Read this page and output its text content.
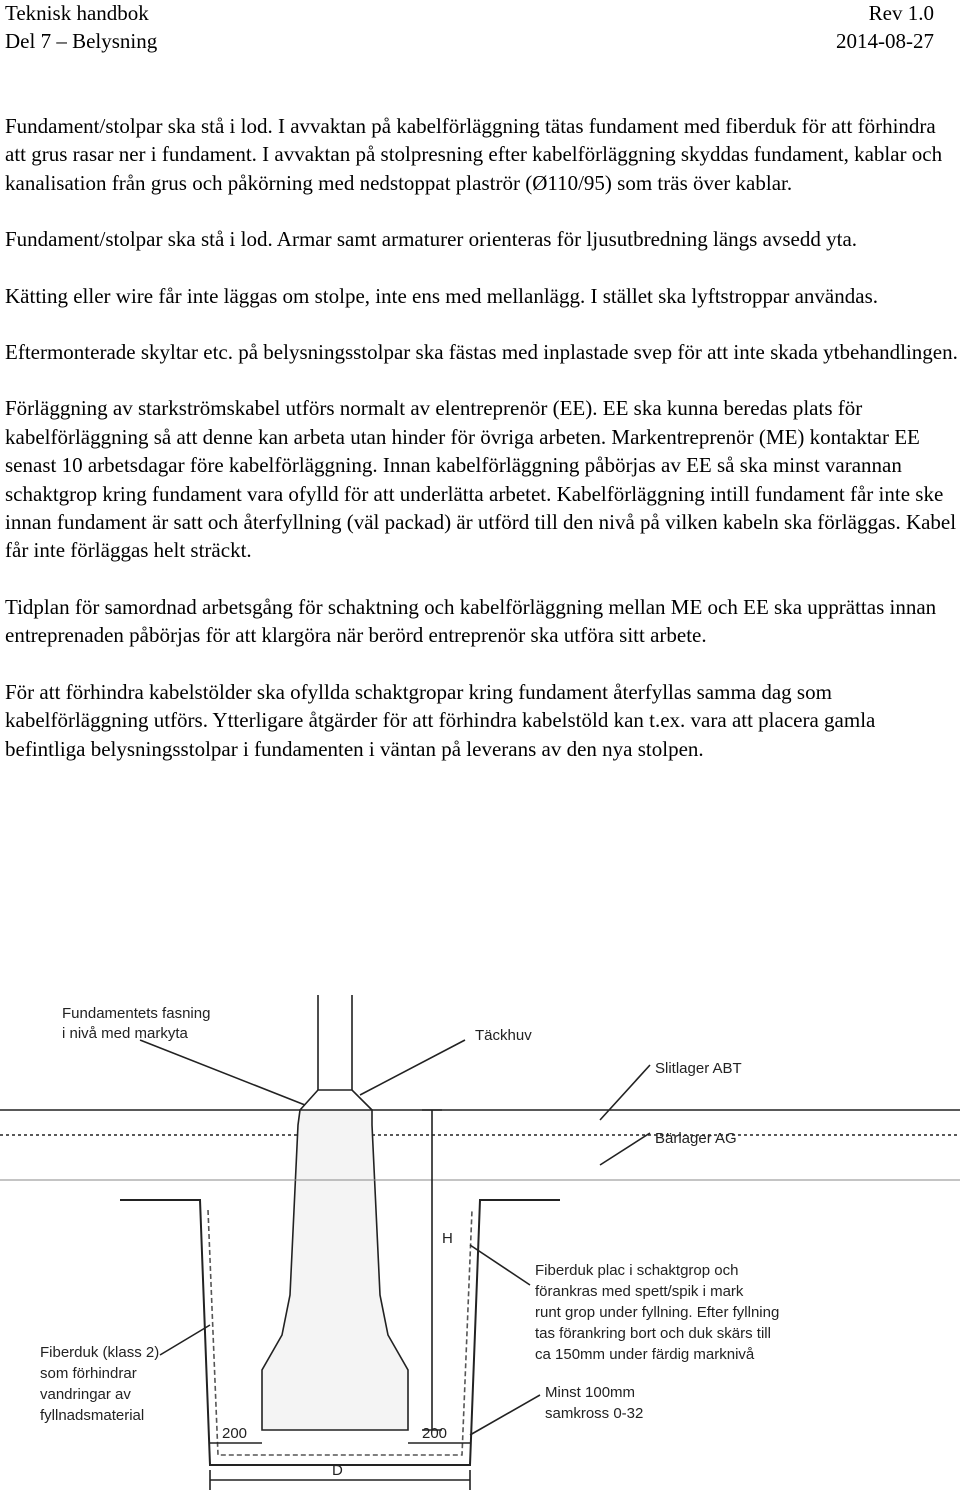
Teknisk handbok	Rev 1.0
Del 7 – Belysning	2014-08-27

Fundament/stolpar ska stå i lod. I avvaktan på kabelförläggning tätas fundament med fiberduk för att förhindra att grus rasar ner i fundament. I avvaktan på stolpresning efter kabelförläggning skyddas fundament, kablar och kanalisation från grus och påkörning med nedstoppat plaströr (Ø110/95) som träs över kablar.

Fundament/stolpar ska stå i lod. Armar samt armaturer orienteras för ljusutbredning längs avsedd yta.

Kätting eller wire får inte läggas om stolpe, inte ens med mellanlägg. I stället ska lyftstroppar användas.

Eftermonterade skyltar etc. på belysningsstolpar ska fästas med inplastade svep för att inte skada ytbehandlingen.

Förläggning av starkströmskabel utförs normalt av elentreprenör (EE). EE ska kunna beredas plats för kabelförläggning så att denne kan arbeta utan hinder för övriga arbeten. Markentreprenör (ME) kontaktar EE senast 10 arbetsdagar före kabelförläggning. Innan kabelförläggning påbörjas av EE så ska minst varannan schaktgrop kring fundament vara ofylld för att underlätta arbetet. Kabelförläggning intill fundament får inte ske innan fundament är satt och återfyllning (väl packad) är utförd till den nivå på vilken kabeln ska förläggas. Kabel får inte förläggas helt sträckt.

Tidplan för samordnad arbetsgång för schaktning och kabelförläggning mellan ME och EE ska upprättas innan entreprenaden påbörjas för att klargöra när berörd entreprenör ska utföra sitt arbete.

För att förhindra kabelstölder ska ofyllda schaktgropar kring fundament återfyllas samma dag som kabelförläggning utförs. Ytterligare åtgärder för att förhindra kabelstöld kan t.ex. vara att placera gamla befintliga belysningsstolpar i fundamenten i väntan på leverans av den nya stolpen.

Fundamentets fasning
i nivå med markyta	Täckhuv
Slitlager ABT
Bärlager AG
H
Fiberduk plac i schaktgrop och
förankras med spett/spik i mark
runt grop under fyllning. Efter fyllning
tas förankring bort och duk skärs till
ca 150mm under färdig marknivå
Fiberduk (klass 2)
som förhindrar
vandringar av
fyllnadsmaterial
Minst 100mm
samkross 0-32
200	200
D
